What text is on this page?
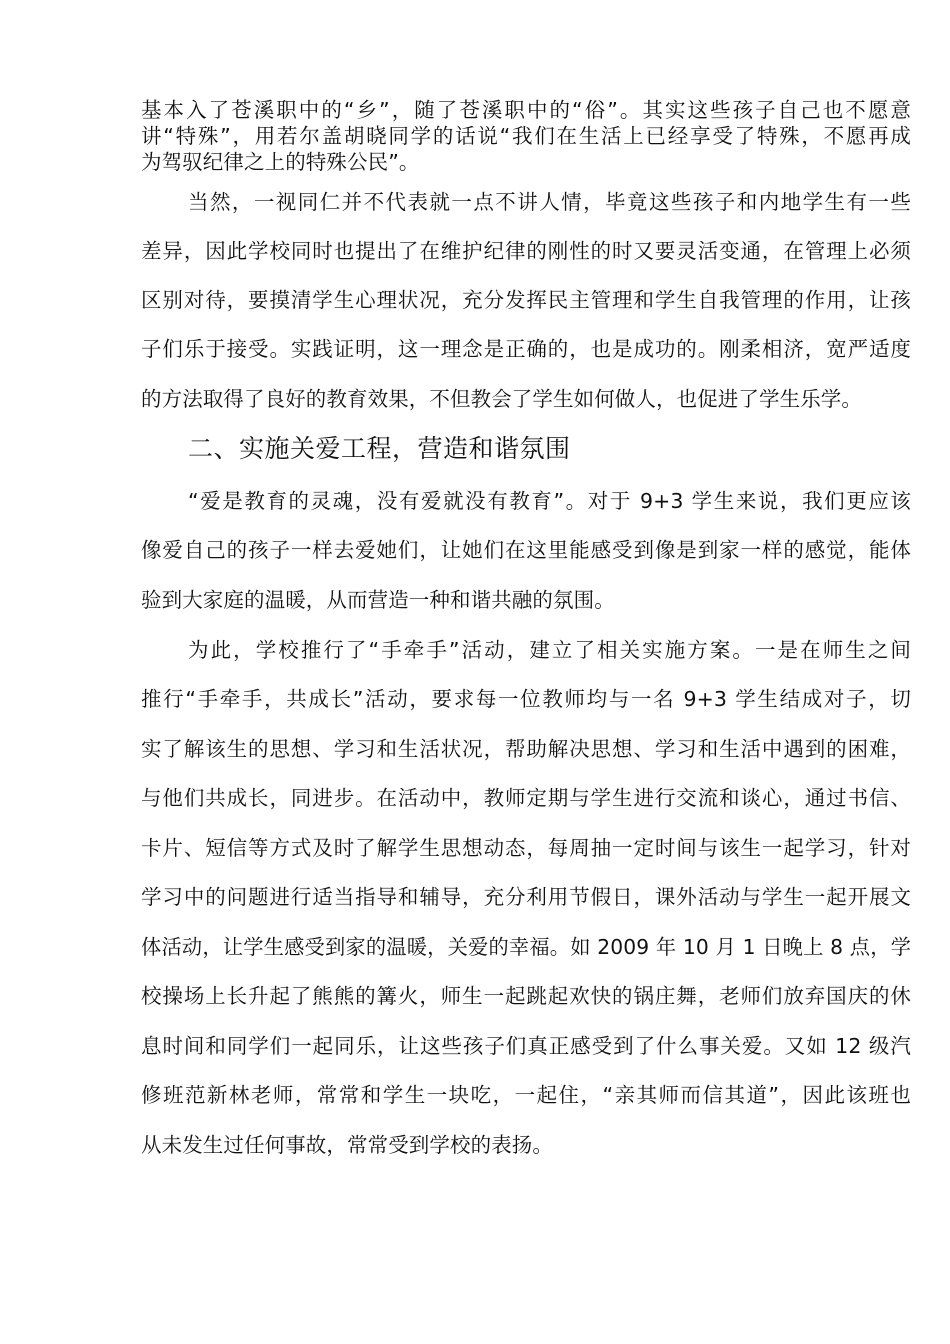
基本入了苍溪职中的“乡”，随了苍溪职中的“俗”。其实这些孩子自己也不愿意
讲“特殊”，用若尔盖胡晓同学的话说“我们在生活上已经享受了特殊，不愿再成
为驾驭纪律之上的特殊公民”。
当然，一视同仁并不代表就一点不讲人情，毕竟这些孩子和内地学生有一些
差异，因此学校同时也提出了在维护纪律的刚性的时又要灵活变通，在管理上必须
区别对待，要摸清学生心理状况，充分发挥民主管理和学生自我管理的作用，让孩
子们乐于接受。实践证明，这一理念是正确的，也是成功的。刚柔相济，宽严适度
的方法取得了良好的教育效果，不但教会了学生如何做人，也促进了学生乐学。
二、实施关爱工程，营造和谐氛围
“爱是教育的灵魂，没有爱就没有教育”。对于 9+3 学生来说，我们更应该
像爱自己的孩子一样去爱她们，让她们在这里能感受到像是到家一样的感觉，能体
验到大家庭的温暖，从而营造一种和谐共融的氛围。
为此，学校推行了“手牵手”活动，建立了相关实施方案。一是在师生之间
推行“手牵手，共成长”活动，要求每一位教师均与一名 9+3 学生结成对子，切
实了解该生的思想、学习和生活状况，帮助解决思想、学习和生活中遇到的困难，
与他们共成长，同进步。在活动中，教师定期与学生进行交流和谈心，通过书信、
卡片、短信等方式及时了解学生思想动态，每周抽一定时间与该生一起学习，针对
学习中的问题进行适当指导和辅导，充分利用节假日，课外活动与学生一起开展文
体活动，让学生感受到家的温暖，关爱的幸福。如 2009 年 10 月 1 日晚上 8 点，学
校操场上长升起了熊熊的篝火，师生一起跳起欢快的锅庄舞，老师们放弃国庆的休
息时间和同学们一起同乐，让这些孩子们真正感受到了什么事关爱。又如 12 级汽
修班范新林老师，常常和学生一块吃，一起住，“亲其师而信其道”，因此该班也
从未发生过任何事故，常常受到学校的表扬。
